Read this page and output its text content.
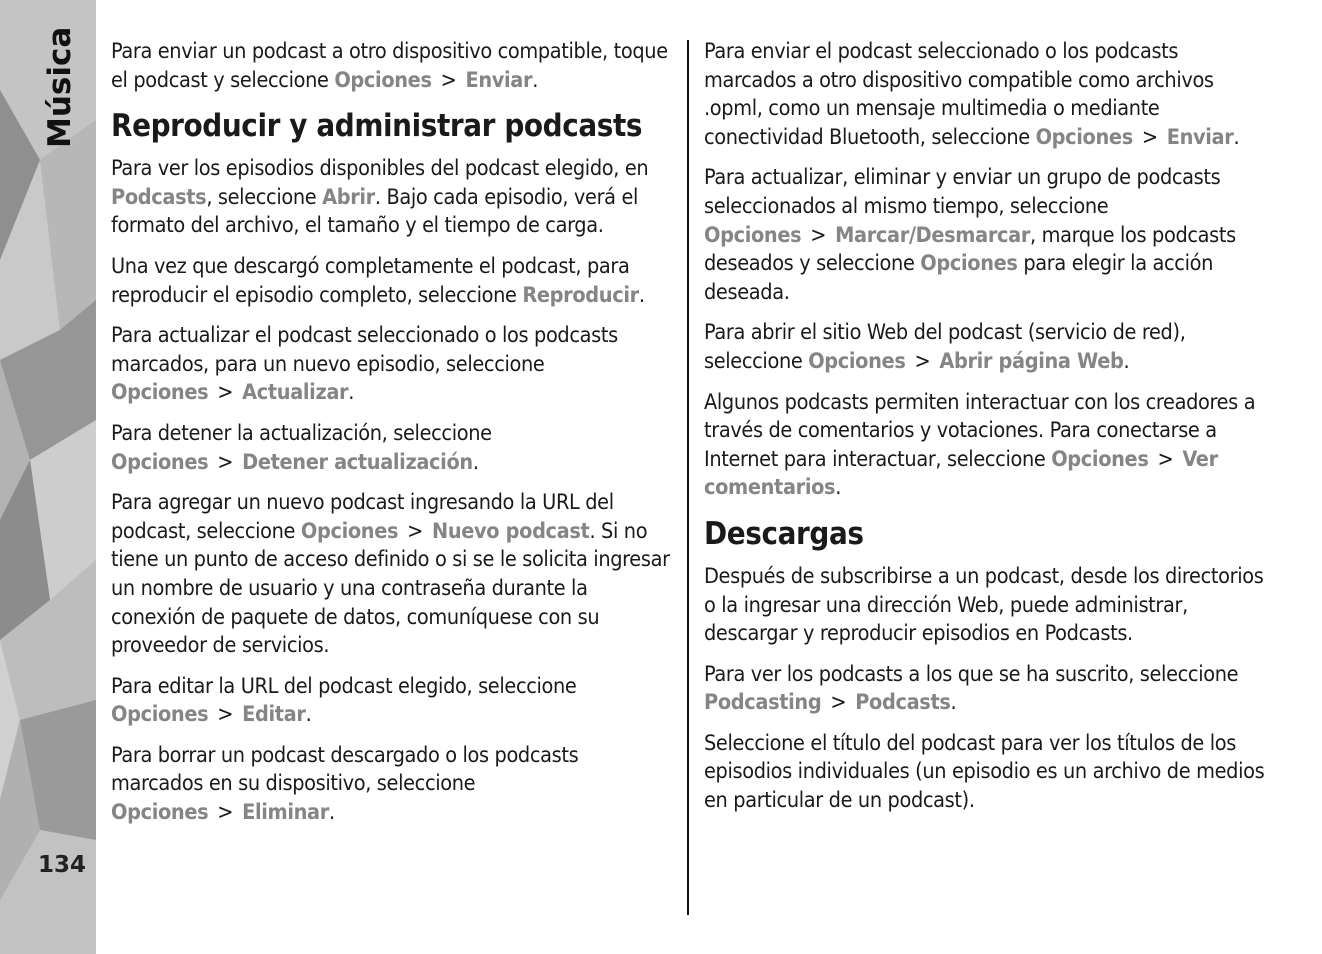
Música
134

Para enviar un podcast a otro dispositivo compatible, toque el podcast y seleccione Opciones > Enviar.

Reproducir y administrar podcasts

Para ver los episodios disponibles del podcast elegido, en Podcasts, seleccione Abrir. Bajo cada episodio, verá el formato del archivo, el tamaño y el tiempo de carga.

Una vez que descargó completamente el podcast, para reproducir el episodio completo, seleccione Reproducir.

Para actualizar el podcast seleccionado o los podcasts marcados, para un nuevo episodio, seleccione Opciones > Actualizar.

Para detener la actualización, seleccione Opciones > Detener actualización.

Para agregar un nuevo podcast ingresando la URL del podcast, seleccione Opciones > Nuevo podcast. Si no tiene un punto de acceso definido o si se le solicita ingresar un nombre de usuario y una contraseña durante la conexión de paquete de datos, comuníquese con su proveedor de servicios.

Para editar la URL del podcast elegido, seleccione Opciones > Editar.

Para borrar un podcast descargado o los podcasts marcados en su dispositivo, seleccione Opciones > Eliminar.

Para enviar el podcast seleccionado o los podcasts marcados a otro dispositivo compatible como archivos .opml, como un mensaje multimedia o mediante conectividad Bluetooth, seleccione Opciones > Enviar.

Para actualizar, eliminar y enviar un grupo de podcasts seleccionados al mismo tiempo, seleccione Opciones > Marcar/Desmarcar, marque los podcasts deseados y seleccione Opciones para elegir la acción deseada.

Para abrir el sitio Web del podcast (servicio de red), seleccione Opciones > Abrir página Web.

Algunos podcasts permiten interactuar con los creadores a través de comentarios y votaciones. Para conectarse a Internet para interactuar, seleccione Opciones > Ver comentarios.

Descargas

Después de subscribirse a un podcast, desde los directorios o la ingresar una dirección Web, puede administrar, descargar y reproducir episodios en Podcasts.

Para ver los podcasts a los que se ha suscrito, seleccione Podcasting > Podcasts.

Seleccione el título del podcast para ver los títulos de los episodios individuales (un episodio es un archivo de medios en particular de un podcast).
